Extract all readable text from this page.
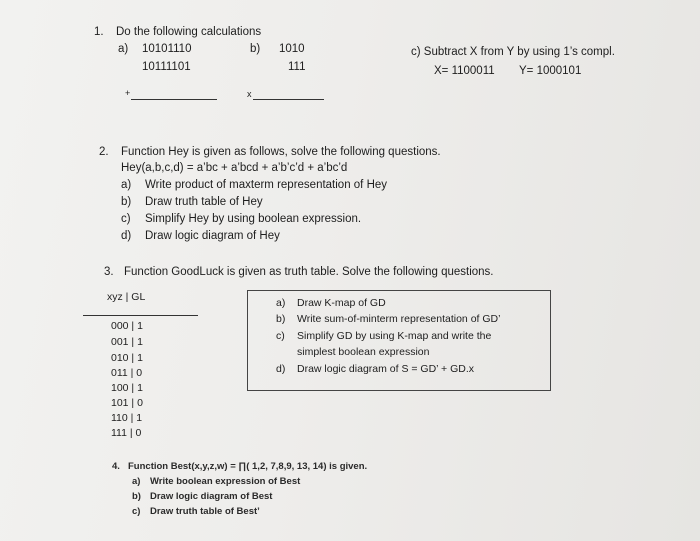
1. Do the following calculations
a) 10101110
10111101
+
b) 1010
111
x
c) Subtract X from Y by using 1’s compl.
X= 1100011 Y= 1000101
2. Function Hey is given as follows, solve the following questions.
Hey(a,b,c,d) = a’bc + a’bcd + a’b’c’d + a’bc’d
a) Write product of maxterm representation of Hey
b) Draw truth table of Hey
c) Simplify Hey by using boolean expression.
d) Draw logic diagram of Hey
3. Function GoodLuck is given as truth table. Solve the following questions.
xyz | GL
000 | 1
001 | 1
010 | 1
011 | 0
100 | 1
101 | 0
110 | 1
111 | 0
a) Draw K-map of GD
b) Write sum-of-minterm representation of GD’
c) Simplify GD by using K-map and write the
simplest boolean expression
d) Draw logic diagram of S = GD’ + GD.x
4. Function Best(x,y,z,w) = ∏( 1,2, 7,8,9, 13, 14) is given.
a) Write boolean expression of Best
b) Draw logic diagram of Best
c) Draw truth table of Best’
